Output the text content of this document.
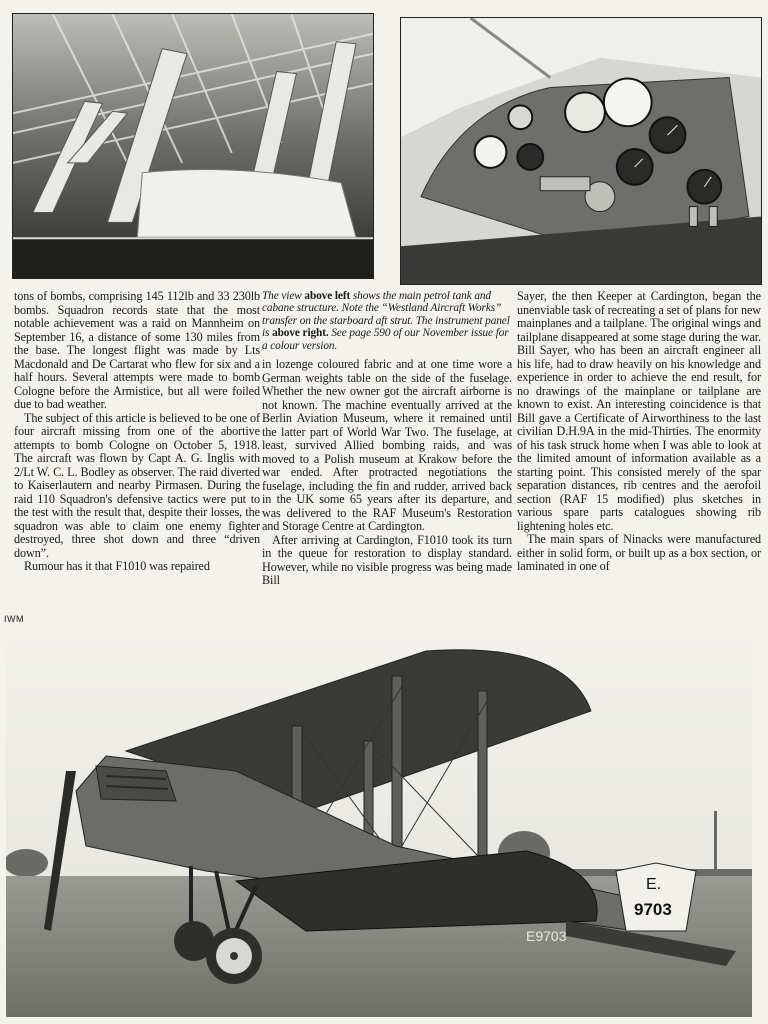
tons of bombs, comprising 145 112lb and 33 230lb bombs. Squadron records state that the most notable achievement was a raid on Mannheim on September 16, a distance of some 130 miles from the base. The longest flight was made by Lts Macdonald and De Cartarat who flew for six and a half hours. Several attempts were made to bomb Cologne before the Armistice, but all were foiled due to bad weather.

The subject of this article is believed to be one of four aircraft missing from one of the abortive attempts to bomb Cologne on October 5, 1918. The aircraft was flown by Capt A. G. Inglis with 2/Lt W. C. L. Bodley as observer. The raid diverted to Kaiserlautern and nearby Pirmasen. During the raid 110 Squadron's defensive tactics were put to the test with the result that, despite their losses, the squadron was able to claim one enemy fighter destroyed, three shot down and three “driven down”.

Rumour has it that F1010 was repaired

The view above left shows the main petrol tank and cabane structure. Note the “Westland Aircraft Works” transfer on the starboard aft strut. The instrument panel is above right. See page 590 of our November issue for a colour version.

in lozenge coloured fabric and at one time wore a German weights table on the side of the fuselage. Whether the new owner got the aircraft airborne is not known. The machine eventually arrived at the Berlin Aviation Museum, where it remained until the latter part of World War Two. The fuselage, at least, survived Allied bombing raids, and was moved to a Polish museum at Krakow before the war ended. After protracted negotiations the fuselage, including the fin and rudder, arrived back in the UK some 65 years after its departure, and was delivered to the RAF Museum's Restoration and Storage Centre at Cardington.

After arriving at Cardington, F1010 took its turn in the queue for restoration to display standard. However, while no visible progress was being made Bill

Sayer, the then Keeper at Cardington, began the unenviable task of recreating a set of plans for new mainplanes and a tailplane. The original wings and tailplane disappeared at some stage during the war. Bill Sayer, who has been an aircraft engineer all his life, had to draw heavily on his knowledge and experience in order to achieve the end result, for no drawings of the mainplane or tailplane are known to exist. An interesting coincidence is that Bill gave a Certificate of Airworthiness to the last civilian D.H.9A in the mid-Thirties. The enormity of his task struck home when I was able to look at the limited amount of information available as a starting point. This consisted merely of the spar separation distances, rib centres and the aerofoil section (RAF 15 modified) plus sketches in various spare parts catalogues showing rib lightening holes etc.

The main spars of Ninacks were manufactured either in solid form, or built up as a box section, or laminated in one of

IWM
E.
9703
E9703
